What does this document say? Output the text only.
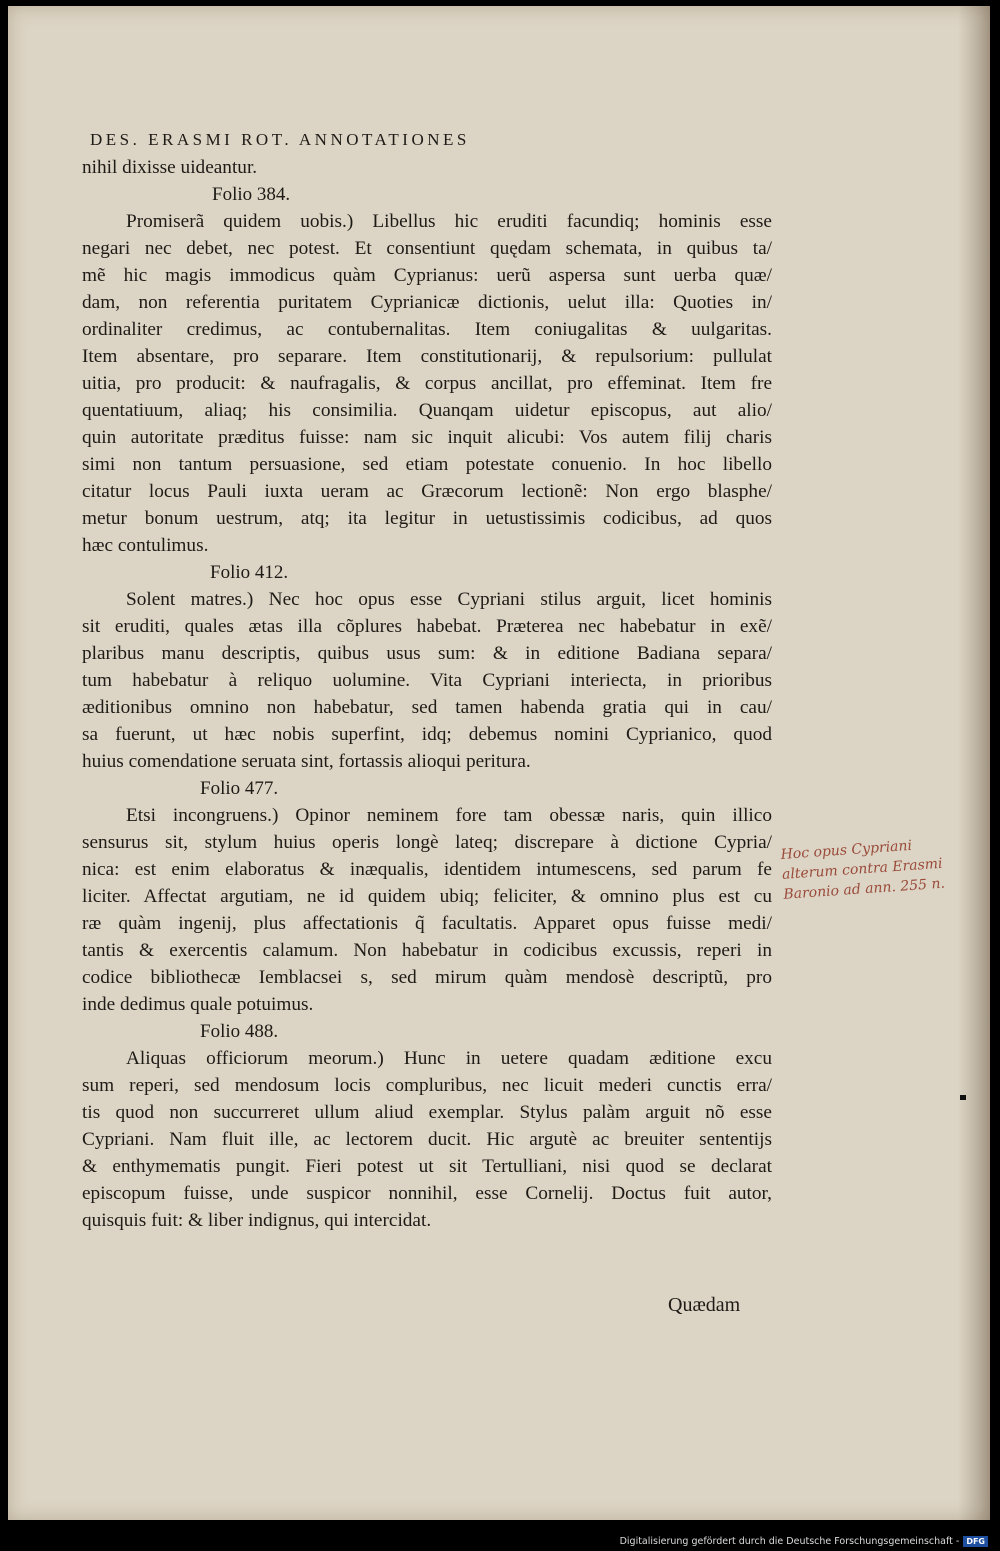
DES. ERASMI ROT. ANNOTATIONES
nihil dixisse uideantur.
Folio 384.
Promiserã quidem uobis.) Libellus hic eruditi facundiq; hominis esse
negari nec debet, nec potest. Et consentiunt quędam schemata, in quibus ta/
mẽ hic magis immodicus quàm Cyprianus: uerũ aspersa sunt uerba quæ/
dam, non referentia puritatem Cyprianicæ dictionis, uelut illa: Quoties in/
ordinaliter credimus, ac contubernalitas. Item coniugalitas & uulgaritas.
Item absentare, pro separare. Item constitutionarij, & repulsorium: pullulat
uitia, pro producit: & naufragalis, & corpus ancillat, pro effeminat. Item fre
quentatiuum, aliaq; his consimilia. Quanqam uidetur episcopus, aut alio/
quin autoritate præditus fuisse: nam sic inquit alicubi: Vos autem filij charis
simi non tantum persuasione, sed etiam potestate conuenio. In hoc libello
citatur locus Pauli iuxta ueram ac Græcorum lectionẽ: Non ergo blasphe/
metur bonum uestrum, atq; ita legitur in uetustissimis codicibus, ad quos
hæc contulimus.
Folio 412.
Solent matres.) Nec hoc opus esse Cypriani stilus arguit, licet hominis
sit eruditi, quales ætas illa cõplures habebat. Præterea nec habebatur in exẽ/
plaribus manu descriptis, quibus usus sum: & in editione Badiana separa/
tum habebatur à reliquo uolumine. Vita Cypriani interiecta, in prioribus
æditionibus omnino non habebatur, sed tamen habenda gratia qui in cau/
sa fuerunt, ut hæc nobis superfint, idq; debemus nomini Cyprianico, quod
huius comendatione seruata sint, fortassis alioqui peritura.
Folio 477.
Etsi incongruens.) Opinor neminem fore tam obessæ naris, quin illico
sensurus sit, stylum huius operis longè lateq; discrepare à dictione Cypria/
nica: est enim elaboratus & inæqualis, identidem intumescens, sed parum fe
liciter. Affectat argutiam, ne id quidem ubiq; feliciter, & omnino plus est cu
ræ quàm ingenij, plus affectationis q̃ facultatis. Apparet opus fuisse medi/
tantis & exercentis calamum. Non habebatur in codicibus excussis, reperi in
codice bibliothecæ Iemblacsei s, sed mirum quàm mendosè descriptũ, pro
inde dedimus quale potuimus.
Folio 488.
Aliquas officiorum meorum.) Hunc in uetere quadam æditione excu
sum reperi, sed mendosum locis compluribus, nec licuit mederi cunctis erra/
tis quod non succurreret ullum aliud exemplar. Stylus palàm arguit nõ esse
Cypriani. Nam fluit ille, ac lectorem ducit. Hic argutè ac breuiter sententijs
& enthymematis pungit. Fieri potest ut sit Tertulliani, nisi quod se declarat
episcopum fuisse, unde suspicor nonnihil, esse Cornelij. Doctus fuit autor,
quisquis fuit: & liber indignus, qui intercidat.
Quædam
Hoc opus Cypriani
alterum contra Erasmi
Baronio ad ann. 255 n.
Digitalisierung gefördert durch die Deutsche Forschungsgemeinschaft - DFG
